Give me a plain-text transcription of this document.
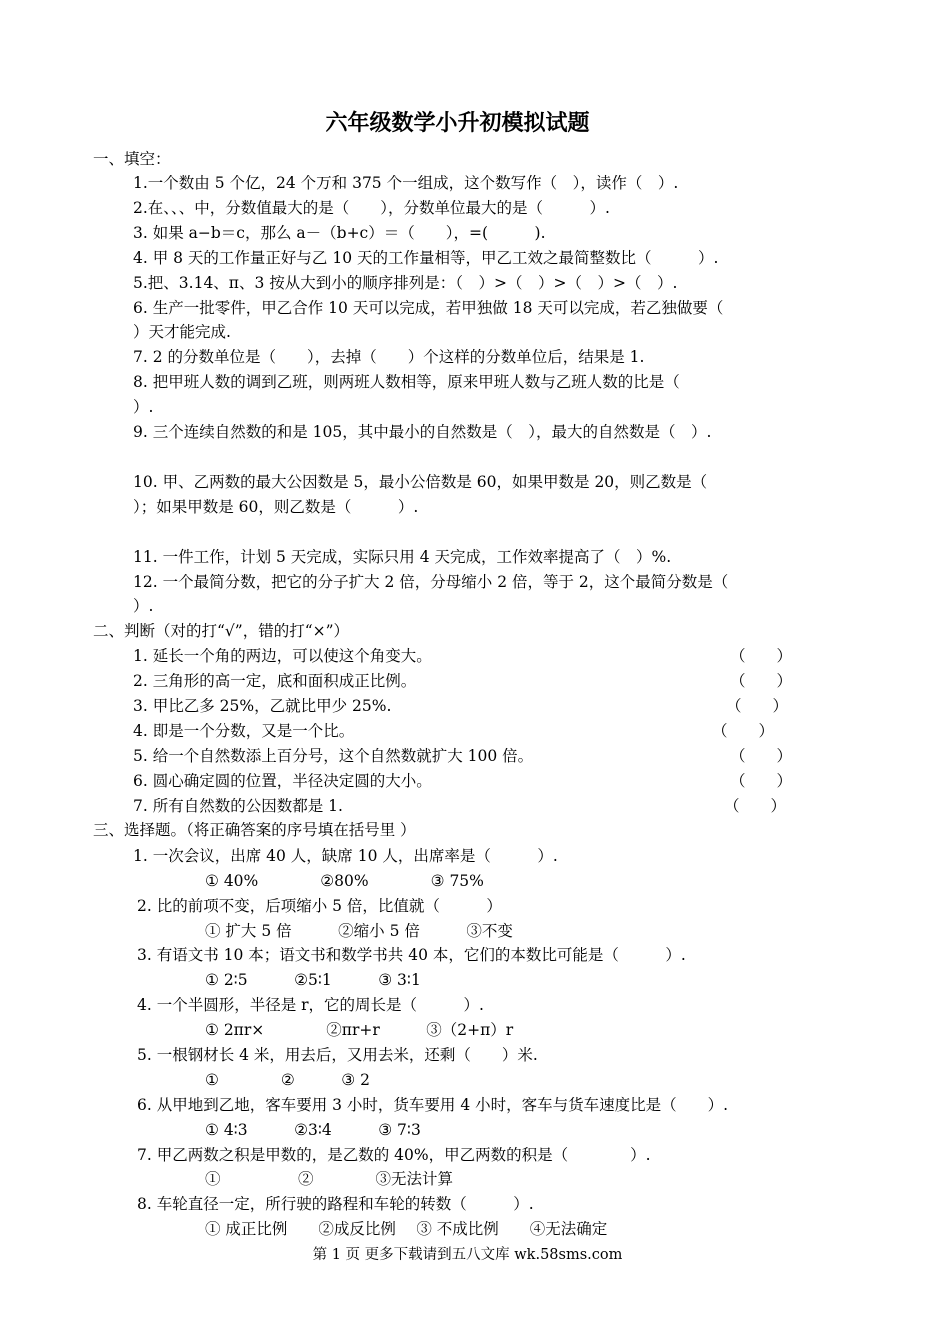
六年级数学小升初模拟试题
一、填空：
1.一个数由 5 个亿，24 个万和 375 个一组成，这个数写作（　），读作（　）.
2.在、、、中，分数值最大的是（　　），分数单位最大的是（　　　）.
3. 如果 a−b＝c，那么 a－（b+c）＝（　　），=(　　　).
4. 甲 8 天的工作量正好与乙 10 天的工作量相等，甲乙工效之最简整数比（　　　）.
5.把、3.14、π、3 按从大到小的顺序排列是：（　）>（　）>（　）>（　）.
6. 生产一批零件，甲乙合作 10 天可以完成，若甲独做 18 天可以完成，若乙独做要（
）天才能完成.
7. 2 的分数单位是（　　），去掉（　　）个这样的分数单位后，结果是 1.
8. 把甲班人数的调到乙班，则两班人数相等，原来甲班人数与乙班人数的比是（
）.
9. 三个连续自然数的和是 105，其中最小的自然数是（　），最大的自然数是（　）.
10. 甲、乙两数的最大公因数是 5，最小公倍数是 60，如果甲数是 20，则乙数是（
）；如果甲数是 60，则乙数是（　　　）.
11. 一件工作，计划 5 天完成，实际只用 4 天完成，工作效率提高了（　）%.
12. 一个最简分数，把它的分子扩大 2 倍，分母缩小 2 倍，等于 2，这个最简分数是（
）.
二、判断（对的打“√”，错的打“×”）
1. 延长一个角的两边，可以使这个角变大。	（　　）
2. 三角形的高一定，底和面积成正比例。	（　　）
3. 甲比乙多 25%，乙就比甲少 25%.	（　　）
4. 即是一个分数，又是一个比。	（　　）
5. 给一个自然数添上百分号，这个自然数就扩大 100 倍。	（　　）
6. 圆心确定圆的位置，半径决定圆的大小。	（　　）
7. 所有自然数的公因数都是 1.	（　　）
三、选择题。（将正确答案的序号填在括号里 ）
1. 一次会议，出席 40 人，缺席 10 人，出席率是（　　　）.
① 40%　　　　②80%　　　　③ 75%
2. 比的前项不变，后项缩小 5 倍，比值就（　　　）
① 扩大 5 倍　　　②缩小 5 倍　　　③不变
3. 有语文书 10 本；语文书和数学书共 40 本，它们的本数比可能是（　　　）.
① 2∶5　　　②5∶1　　　③ 3∶1
4. 一个半圆形，半径是 r，它的周长是（　　　）.
① 2πr×　　　　②πr+r　　　③（2+π）r
5. 一根钢材长 4 米，用去后，又用去米，还剩（　　）米.
①　　　　②　　　③ 2
6. 从甲地到乙地，客车要用 3 小时，货车要用 4 小时，客车与货车速度比是（　　）.
① 4∶3　　　②3∶4　　　③ 7∶3
7. 甲乙两数之积是甲数的，是乙数的 40%，甲乙两数的积是（　　　　）.
①　　　　　②　　　　③无法计算
8. 车轮直径一定，所行驶的路程和车轮的转数（　　　）.
① 成正比例　　②成反比例　 ③ 不成比例　　④无法确定
第 1 页 更多下载请到五八文库 wk.58sms.com
